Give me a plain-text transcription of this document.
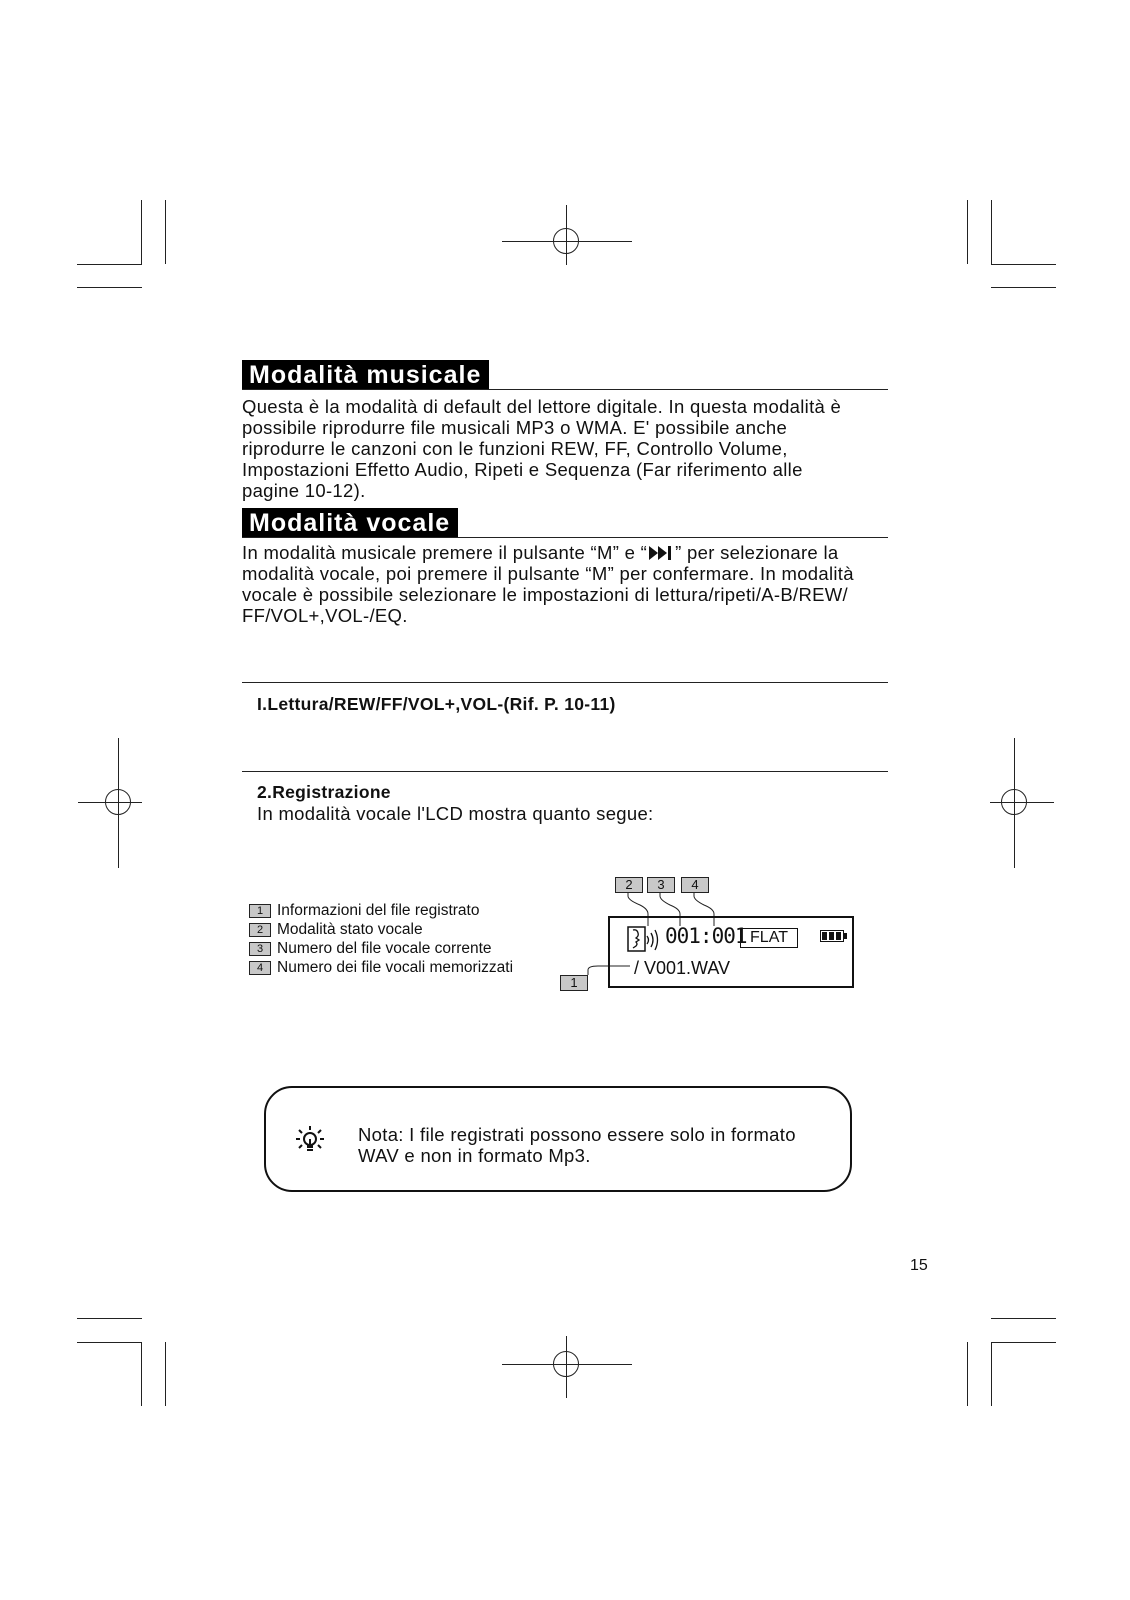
Modalità musicale
Questa è la modalità di default del lettore digitale. In questa modalità è
possibile riprodurre file musicali MP3 o WMA. E' possibile anche
riprodurre le canzoni con le funzioni REW, FF, Controllo Volume,
Impostazioni Effetto Audio, Ripeti e Sequenza (Far riferimento alle
pagine 10-12).
Modalità vocale
In modalità musicale premere il pulsante “M” e “ ” per selezionare la
modalità vocale, poi premere il pulsante “M” per confermare. In modalità
vocale è possibile selezionare le impostazioni di lettura/ripeti/A-B/REW/
FF/VOL+,VOL-/EQ.
I.Lettura/REW/FF/VOL+,VOL-(Rif. P. 10-11)
2.Registrazione
In modalità vocale l'LCD mostra quanto segue:
1 Informazioni del file registrato
2 Modalità stato vocale
3 Numero del file vocale corrente
4 Numero dei file vocali memorizzati
2	3	4
1
001:001 FLAT
/ V001.WAV
Nota: I file registrati possono essere solo in formato WAV e non in formato Mp3.
15
